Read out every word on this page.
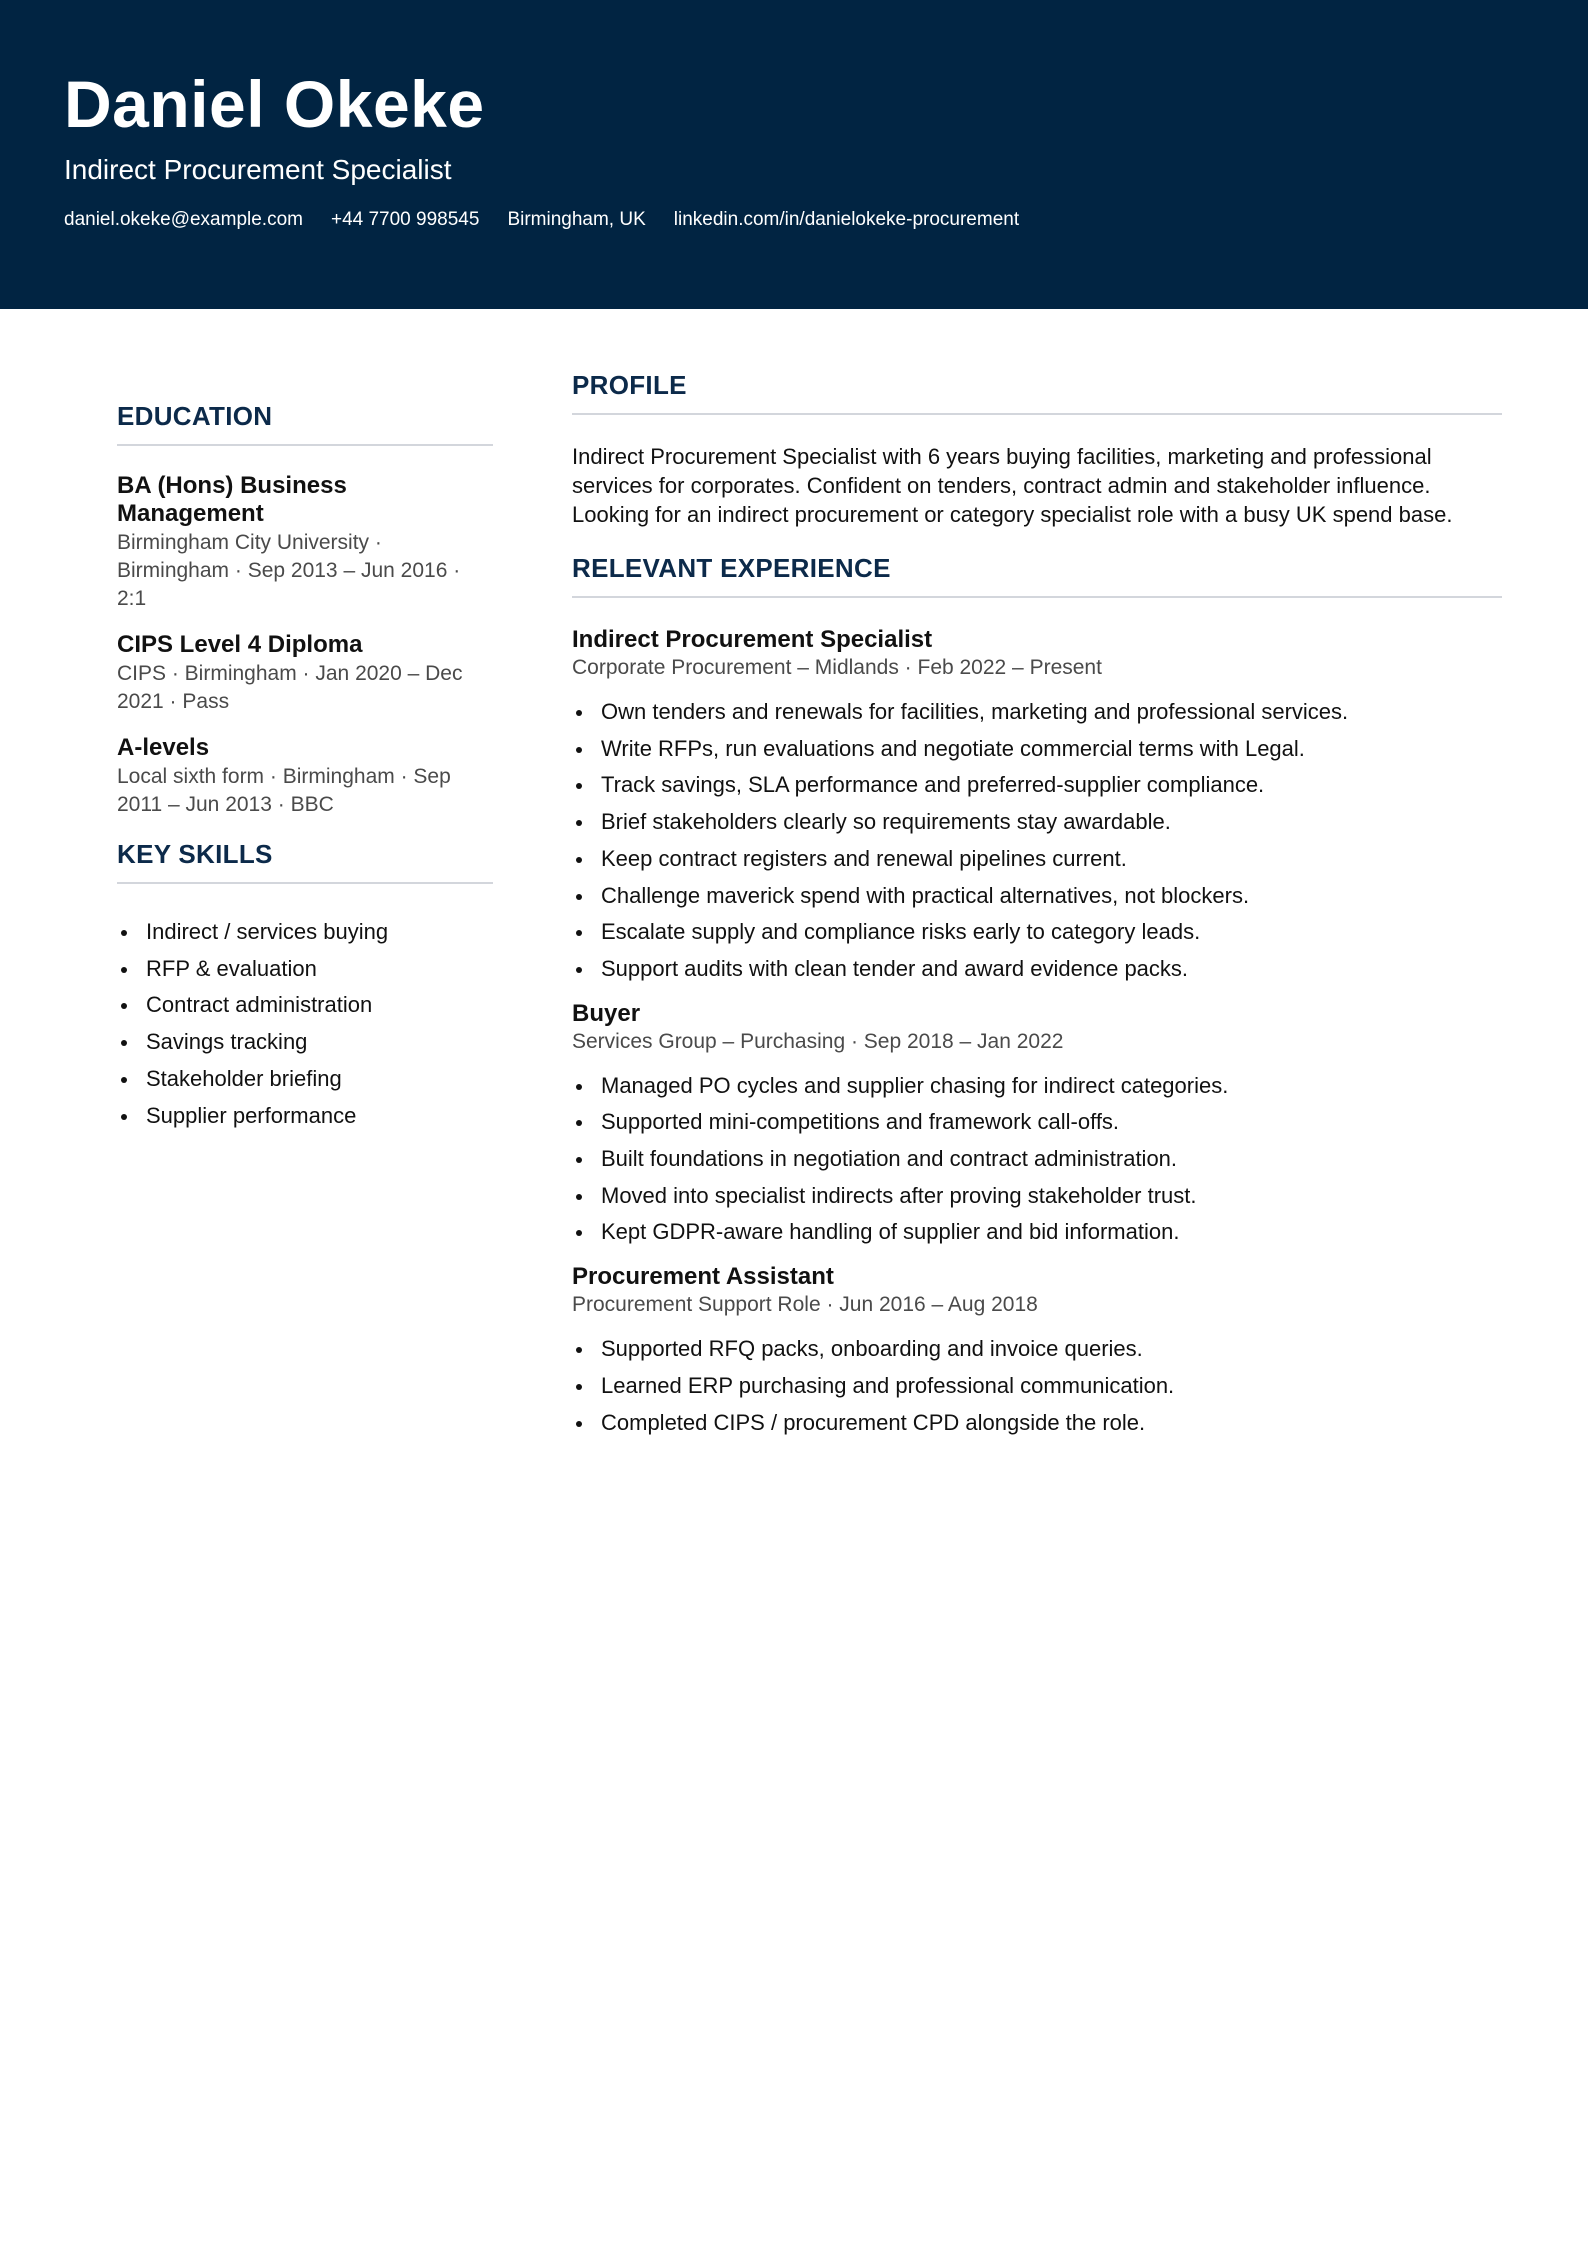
Daniel Okeke
Indirect Procurement Specialist
daniel.okeke@example.com +44 7700 998545 Birmingham, UK linkedin.com/in/danielokeke-procurement
EDUCATION
BA (Hons) Business Management
Birmingham City University · Birmingham · Sep 2013 – Jun 2016 · 2:1
CIPS Level 4 Diploma
CIPS · Birmingham · Jan 2020 – Dec 2021 · Pass
A-levels
Local sixth form · Birmingham · Sep 2011 – Jun 2013 · BBC
KEY SKILLS
Indirect / services buying
RFP & evaluation
Contract administration
Savings tracking
Stakeholder briefing
Supplier performance
PROFILE

Indirect Procurement Specialist with 6 years buying facilities, marketing and professional services for corporates. Confident on tenders, contract admin and stakeholder influence. Looking for an indirect procurement or category specialist role with a busy UK spend base.

RELEVANT EXPERIENCE
Indirect Procurement Specialist
Corporate Procurement – Midlands · Feb 2022 – Present
Own tenders and renewals for facilities, marketing and professional services.
Write RFPs, run evaluations and negotiate commercial terms with Legal.
Track savings, SLA performance and preferred-supplier compliance.
Brief stakeholders clearly so requirements stay awardable.
Keep contract registers and renewal pipelines current.
Challenge maverick spend with practical alternatives, not blockers.
Escalate supply and compliance risks early to category leads.
Support audits with clean tender and award evidence packs.
Buyer
Services Group – Purchasing · Sep 2018 – Jan 2022
Managed PO cycles and supplier chasing for indirect categories.
Supported mini-competitions and framework call-offs.
Built foundations in negotiation and contract administration.
Moved into specialist indirects after proving stakeholder trust.
Kept GDPR-aware handling of supplier and bid information.
Procurement Assistant
Procurement Support Role · Jun 2016 – Aug 2018
Supported RFQ packs, onboarding and invoice queries.
Learned ERP purchasing and professional communication.
Completed CIPS / procurement CPD alongside the role.
